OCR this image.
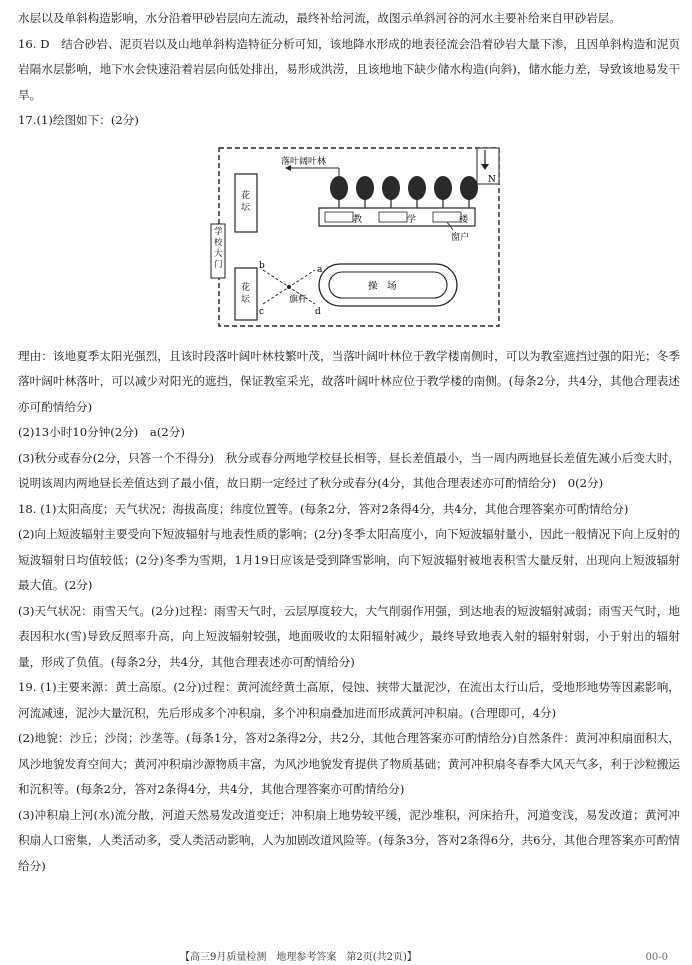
水层以及单斜构造影响，水分沿着甲砂岩层向左流动，最终补给河流，故图示单斜河谷的河水主要补给来自甲砂岩层。

16. D　结合砂岩、泥页岩以及山地单斜构造特征分析可知，该地降水形成的地表径流会沿着砂岩大量下渗，且因单斜构造和泥页岩隔水层影响，地下水会快速沿着岩层向低处排出，易形成洪涝，且该地地下缺少储水构造(向斜)，储水能力差，导致该地易发干旱。

17.(1)绘图如下：(2分)

N
落叶阔叶林
教	学	楼
窗户
花坛
花坛
学校大门	b	a
c	d
旗杆
操　场

理由：该地夏季太阳光强烈，且该时段落叶阔叶林枝繁叶茂，当落叶阔叶林位于教学楼南侧时，可以为教室遮挡过强的阳光；冬季落叶阔叶林落叶，可以减少对阳光的遮挡，保证教室采光，故落叶阔叶林应位于教学楼的南侧。(每条2分，共4分，其他合理表述亦可酌情给分)

(2)13小时10分钟(2分)　a(2分)

(3)秋分或春分(2分，只答一个不得分)　秋分或春分两地学校昼长相等，昼长差值最小，当一周内两地昼长差值先减小后变大时，说明该周内两地昼长差值达到了最小值，故日期一定经过了秋分或春分(4分，其他合理表述亦可酌情给分)　0(2分)

18. (1)太阳高度；天气状况；海拔高度；纬度位置等。(每条2分，答对2条得4分，共4分，其他合理答案亦可酌情给分)

(2)向上短波辐射主要受向下短波辐射与地表性质的影响；(2分)冬季太阳高度小，向下短波辐射量小，因此一般情况下向上反射的短波辐射日均值较低；(2分)冬季为雪期，1月19日应该是受到降雪影响，向下短波辐射被地表积雪大量反射，出现向上短波辐射最大值。(2分)

(3)天气状况：雨雪天气。(2分)过程：雨雪天气时，云层厚度较大，大气削弱作用强，到达地表的短波辐射减弱；雨雪天气时，地表因积水(雪)导致反照率升高，向上短波辐射较强，地面吸收的太阳辐射减少，最终导致地表入射的辐射射弱，小于射出的辐射量，形成了负值。(每条2分，共4分，其他合理表述亦可酌情给分)

19. (1)主要来源：黄土高原。(2分)过程：黄河流经黄土高原，侵蚀、挟带大量泥沙，在流出太行山后，受地形地势等因素影响，河流减速，泥沙大量沉积，先后形成多个冲积扇，多个冲积扇叠加进而形成黄河冲积扇。(合理即可，4分)

(2)地貌：沙丘；沙岗；沙垄等。(每条1分，答对2条得2分，共2分，其他合理答案亦可酌情给分)自然条件：黄河冲积扇面积大，风沙地貌发育空间大；黄河冲积扇沙源物质丰富，为风沙地貌发育提供了物质基础；黄河冲积扇冬春季大风天气多，利于沙粒搬运和沉积等。(每条2分，答对2条得4分，共4分，其他合理答案亦可酌情给分)

(3)冲积扇上河(水)流分散，河道天然易发改道变迁；冲积扇上地势较平缓，泥沙堆积，河床抬升，河道变浅，易发改道；黄河冲积扇人口密集，人类活动多，受人类活动影响，人为加剧改道风险等。(每条3分，答对2条得6分，共6分，其他合理答案亦可酌情给分)

【高三9月质量检测　地理参考答案　第2页(共2页)】	00-0
